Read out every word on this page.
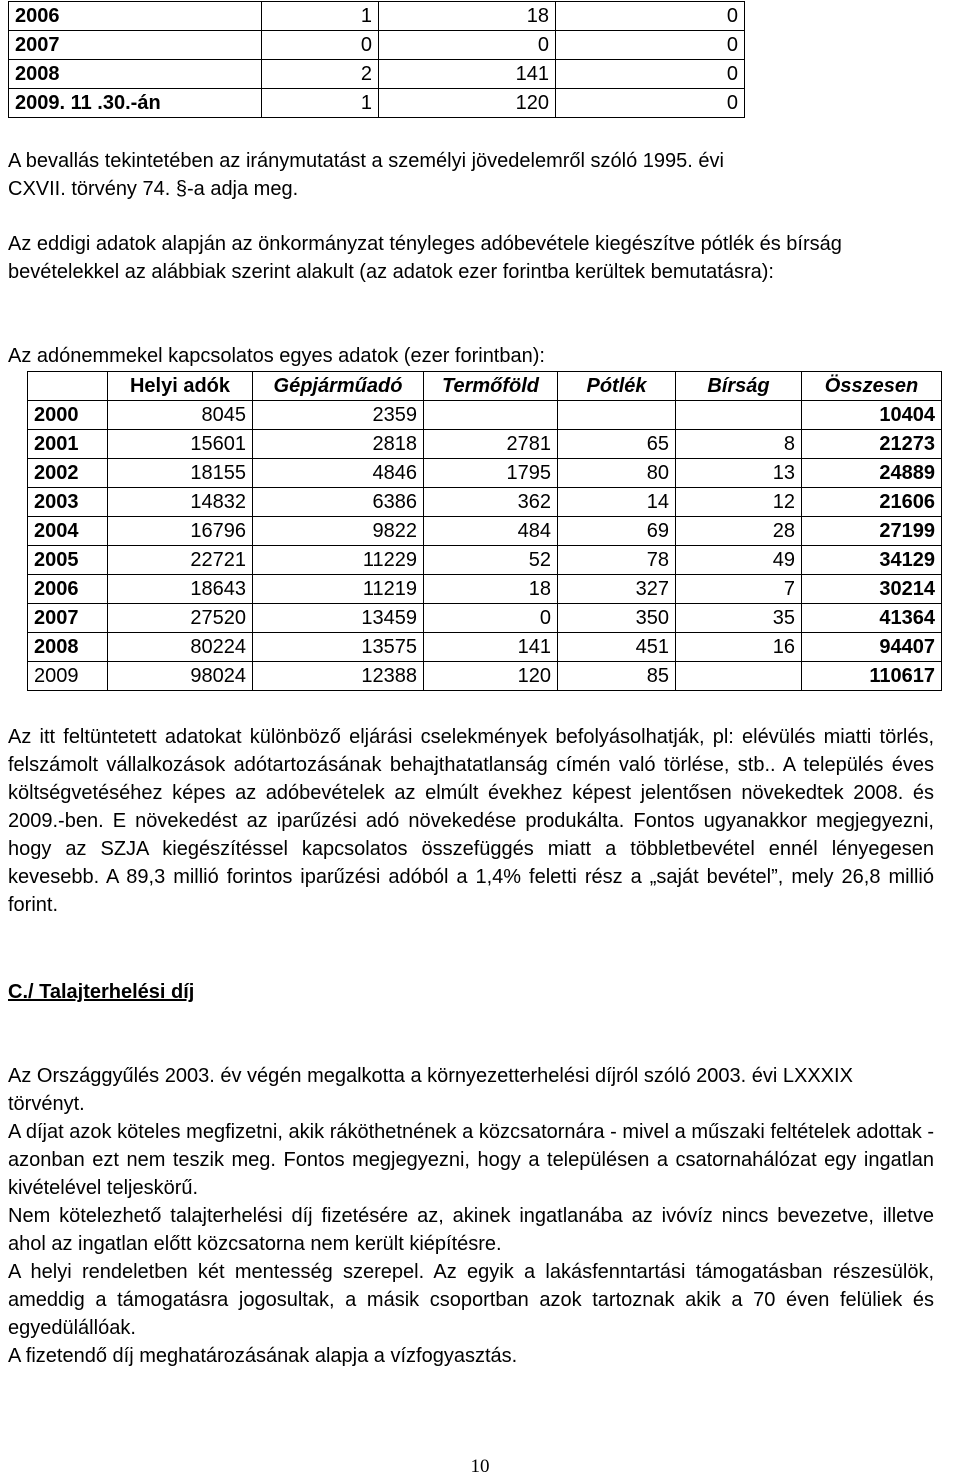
2006	1	18	0
2007	0	0	0
2008	2	141	0
2009. 11 .30.-án	1	120	0

A bevallás tekintetében az iránymutatást a személyi jövedelemről szóló 1995. évi
CXVII. törvény 74. §-a adja meg.

Az eddigi adatok alapján az önkormányzat tényleges adóbevétele kiegészítve pótlék és bírság bevételekkel az alábbiak szerint alakult (az adatok ezer forintba kerültek bemutatásra):

Az adónemmekel kapcsolatos egyes adatok (ezer forintban):

	Helyi adók	Gépjárműadó	Termőföld	Pótlék	Bírság	Összesen
2000	8045	2359				10404
2001	15601	2818	2781	65	8	21273
2002	18155	4846	1795	80	13	24889
2003	14832	6386	362	14	12	21606
2004	16796	9822	484	69	28	27199
2005	22721	11229	52	78	49	34129
2006	18643	11219	18	327	7	30214
2007	27520	13459	0	350	35	41364
2008	80224	13575	141	451	16	94407
2009	98024	12388	120	85		110617

Az itt feltüntetett adatokat különböző eljárási cselekmények befolyásolhatják, pl: elévülés miatti törlés, felszámolt vállalkozások adótartozásának behajthatatlanság címén való törlése, stb.. A település éves költségvetéséhez képes az adóbevételek az elmúlt évekhez képest jelentősen növekedtek 2008. és 2009.-ben. E növekedést az iparűzési adó növekedése produkálta. Fontos ugyanakkor megjegyezni, hogy az SZJA kiegészítéssel kapcsolatos összefüggés miatt a többletbevétel ennél lényegesen kevesebb. A 89,3 millió forintos iparűzési adóból a 1,4% feletti rész a „saját bevétel”, mely 26,8 millió forint.

C./ Talajterhelési díj

Az Országgyűlés 2003. év végén megalkotta a környezetterhelési díjról szóló 2003. évi LXXXIX törvényt.

A díjat azok köteles megfizetni, akik ráköthetnének a közcsatornára - mivel a műszaki feltételek adottak - azonban ezt nem teszik meg. Fontos megjegyezni, hogy a településen a csatornahálózat egy ingatlan kivételével teljeskörű.

Nem kötelezhető talajterhelési díj fizetésére az, akinek ingatlanába az ivóvíz nincs bevezetve, illetve ahol az ingatlan előtt közcsatorna nem került kiépítésre.

A helyi rendeletben két mentesség szerepel. Az egyik a lakásfenntartási támogatásban részesülök, ameddig a támogatásra jogosultak, a másik csoportban azok tartoznak akik a 70 éven felüliek és egyedülállóak.

A fizetendő díj meghatározásának alapja a vízfogyasztás.

10
